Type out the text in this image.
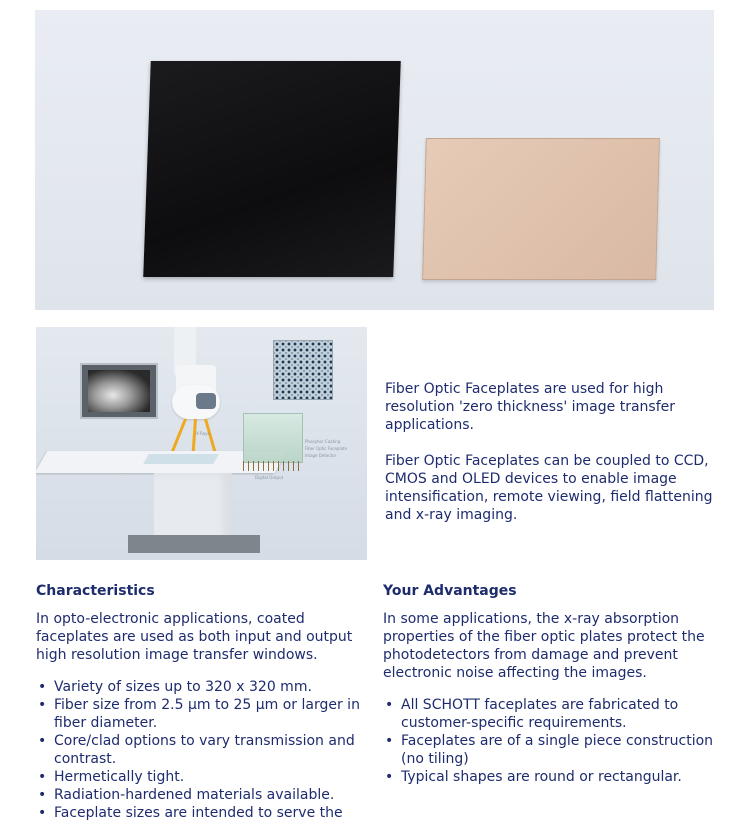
X-Rays
Phosphor Coating
Fiber Optic Faceplate
Image Detector
Digital Output

Fiber Optic Faceplates are used for high resolution 'zero thickness' image transfer applications.

Fiber Optic Faceplates can be coupled to CCD, CMOS and OLED devices to enable image intensification, remote viewing, field flattening and x-ray imaging.

Characteristics

In opto-electronic applications, coated faceplates are used as both input and output high resolution image transfer windows.

• Variety of sizes up to 320 x 320 mm.
• Fiber size from 2.5 µm to 25 µm or larger in fiber diameter.
• Core/clad options to vary transmission and contrast.
• Hermetically tight.
• Radiation-hardened materials available.
• Faceplate sizes are intended to serve the
Your Advantages

In some applications, the x-ray absorption properties of the fiber optic plates protect the photodetectors from damage and prevent electronic noise affecting the images.

• All SCHOTT faceplates are fabricated to customer-specific requirements.
• Faceplates are of a single piece construction (no tiling)
• Typical shapes are round or rectangular.
